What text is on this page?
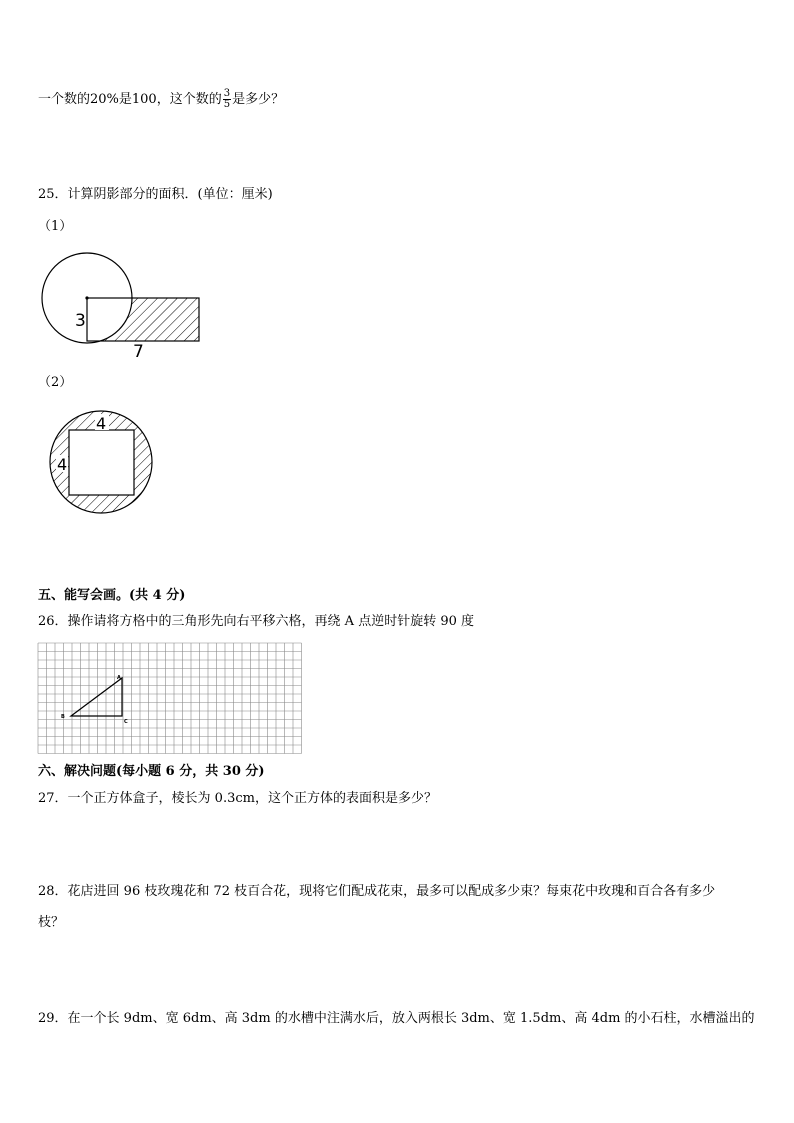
一个数的20%是100，这个数的 $\frac{3}{5}$ 是多少？
25．计算阴影部分的面积．(单位：厘米)
（1）
3
7
4
4
A
B
C
（2）
五、能写会画。(共 4 分)
26．操作请将方格中的三角形先向右平移六格，再绕 A 点逆时针旋转 90 度
六、解决问题(每小题 6 分，共 30 分)
27．一个正方体盒子，棱长为 0.3cm，这个正方体的表面积是多少？
28．花店进回 96 枝玫瑰花和 72 枝百合花，现将它们配成花束，最多可以配成多少束？每束花中玫瑰和百合各有多少
枝？
29．在一个长 9dm、宽 6dm、高 3dm 的水槽中注满水后，放入两根长 3dm、宽 1.5dm、高 4dm 的小石柱，水槽溢出的
